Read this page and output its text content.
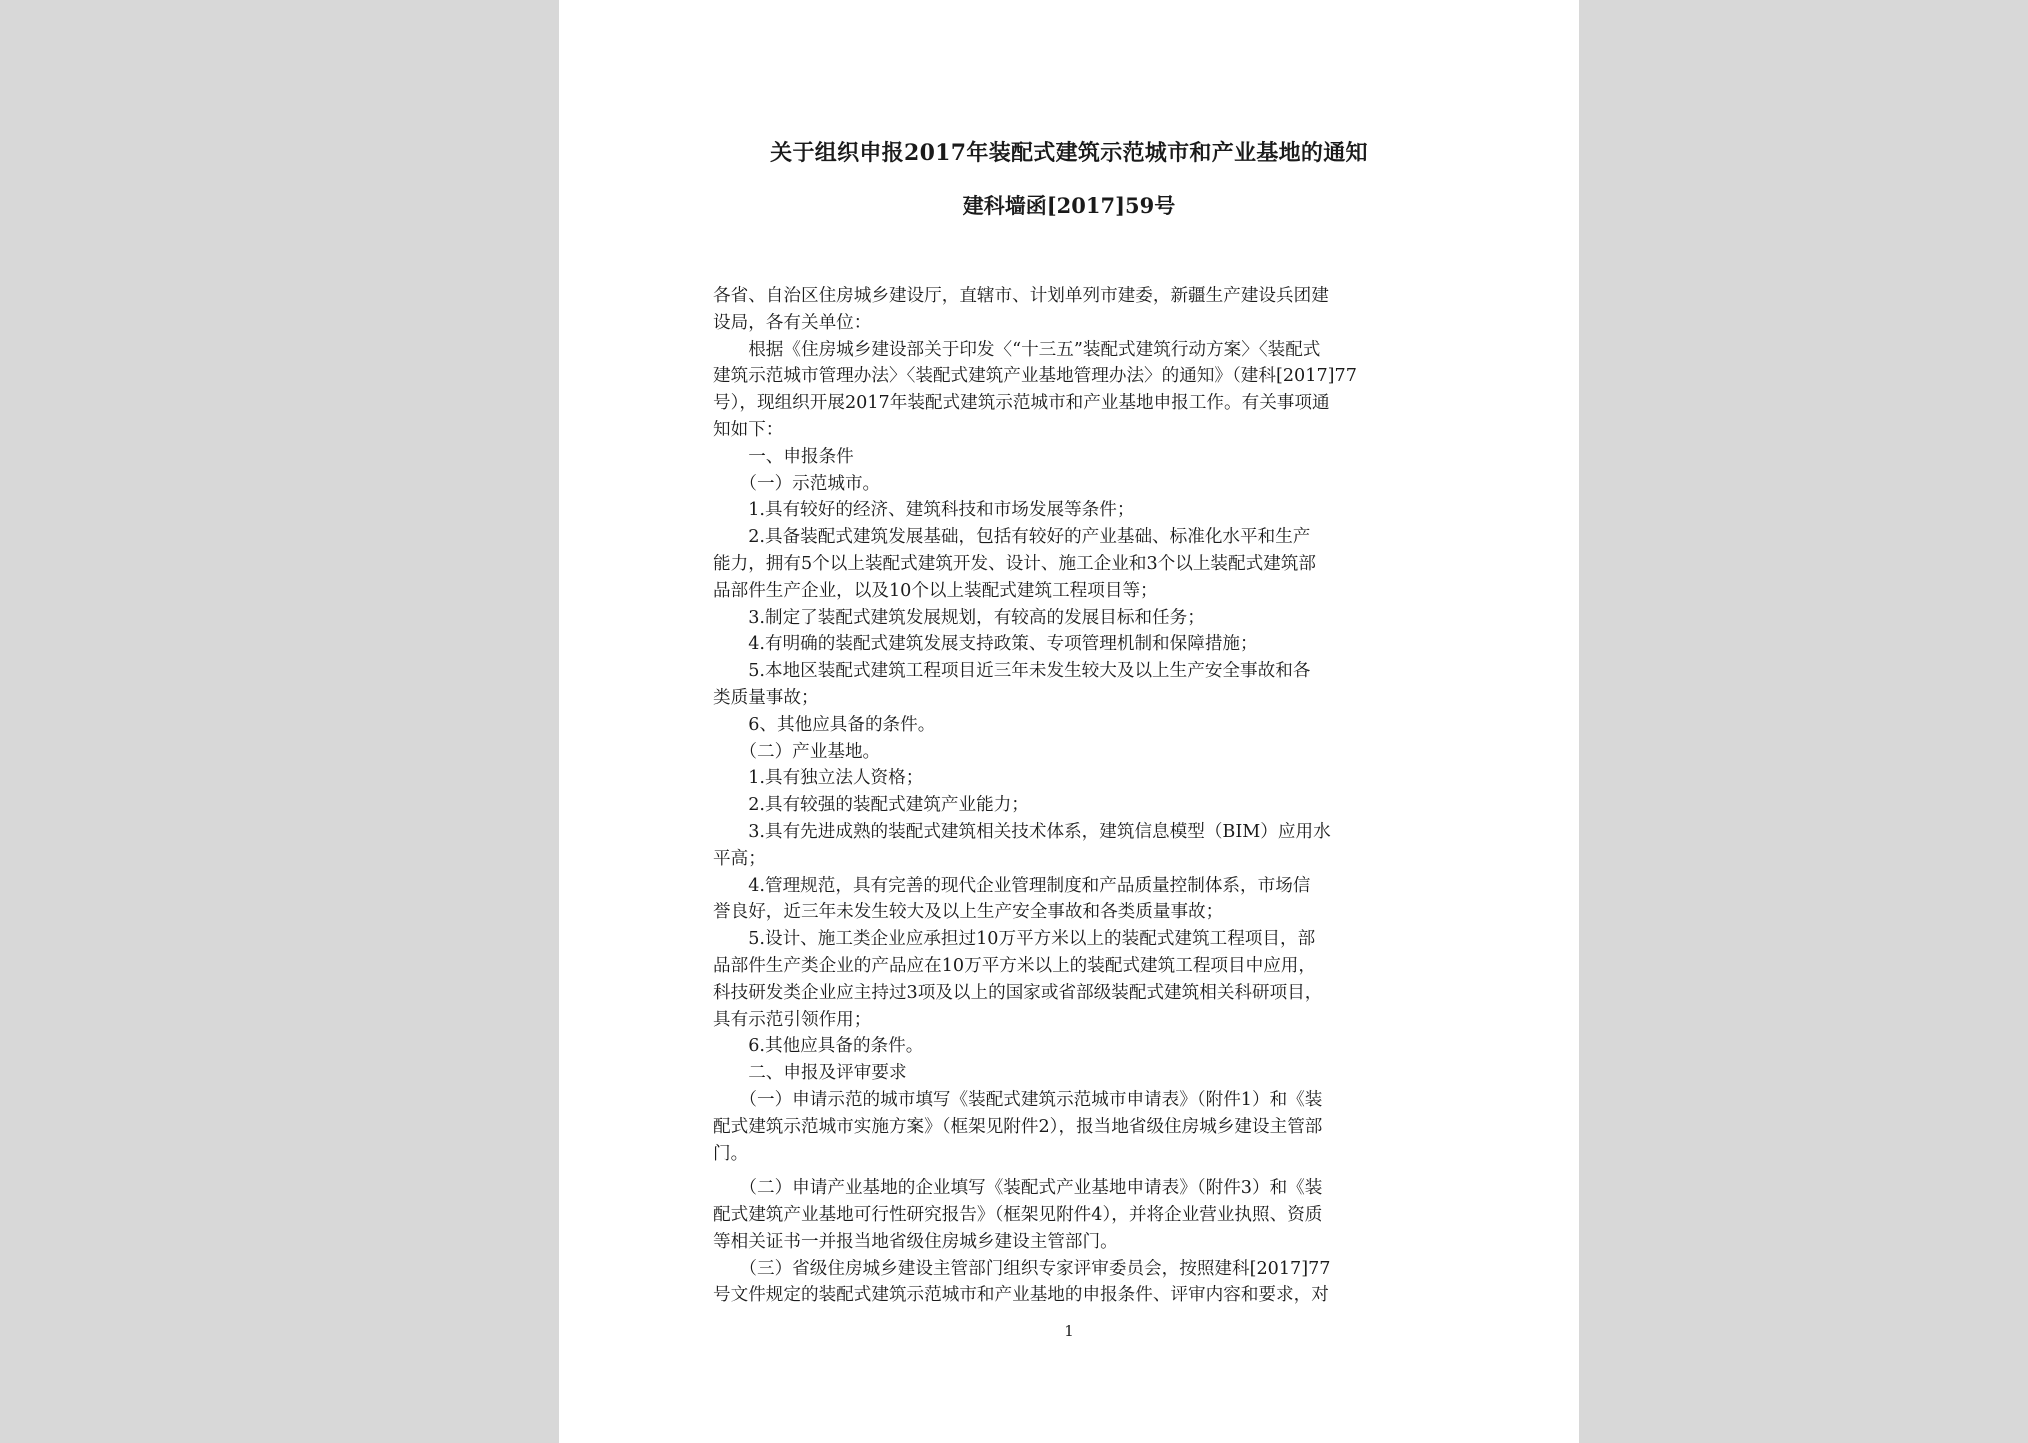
关于组织申报2017年装配式建筑示范城市和产业基地的通知
建科墙函[2017]59号
各省、自治区住房城乡建设厅，直辖市、计划单列市建委，新疆生产建设兵团建
设局，各有关单位：
　　根据《住房城乡建设部关于印发〈“十三五”装配式建筑行动方案〉〈装配式
建筑示范城市管理办法〉〈装配式建筑产业基地管理办法〉的通知》（建科[2017]77
号），现组织开展2017年装配式建筑示范城市和产业基地申报工作。有关事项通
知如下：
　　一、申报条件
　　（一）示范城市。
　　1.具有较好的经济、建筑科技和市场发展等条件；
　　2.具备装配式建筑发展基础，包括有较好的产业基础、标准化水平和生产
能力，拥有5个以上装配式建筑开发、设计、施工企业和3个以上装配式建筑部
品部件生产企业，以及10个以上装配式建筑工程项目等；
　　3.制定了装配式建筑发展规划，有较高的发展目标和任务；
　　4.有明确的装配式建筑发展支持政策、专项管理机制和保障措施；
　　5.本地区装配式建筑工程项目近三年未发生较大及以上生产安全事故和各
类质量事故；
　　6、其他应具备的条件。
　　（二）产业基地。
　　1.具有独立法人资格；
　　2.具有较强的装配式建筑产业能力；
　　3.具有先进成熟的装配式建筑相关技术体系，建筑信息模型（BIM）应用水
平高；
　　4.管理规范，具有完善的现代企业管理制度和产品质量控制体系，市场信
誉良好，近三年未发生较大及以上生产安全事故和各类质量事故；
　　5.设计、施工类企业应承担过10万平方米以上的装配式建筑工程项目，部
品部件生产类企业的产品应在10万平方米以上的装配式建筑工程项目中应用，
科技研发类企业应主持过3项及以上的国家或省部级装配式建筑相关科研项目，
具有示范引领作用；
　　6.其他应具备的条件。
　　二、申报及评审要求
　　（一）申请示范的城市填写《装配式建筑示范城市申请表》（附件1）和《装
配式建筑示范城市实施方案》（框架见附件2），报当地省级住房城乡建设主管部
门。
　　（二）申请产业基地的企业填写《装配式产业基地申请表》（附件3）和《装
配式建筑产业基地可行性研究报告》（框架见附件4），并将企业营业执照、资质
等相关证书一并报当地省级住房城乡建设主管部门。
　　（三）省级住房城乡建设主管部门组织专家评审委员会，按照建科[2017]77
号文件规定的装配式建筑示范城市和产业基地的申报条件、评审内容和要求，对
1
